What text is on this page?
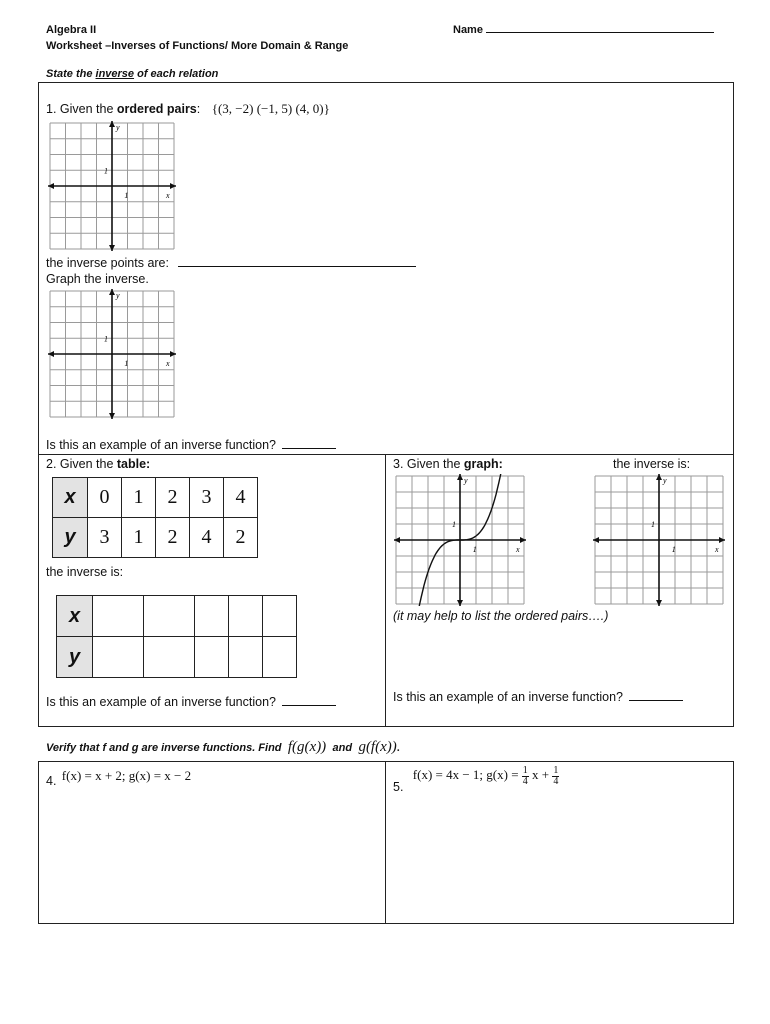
Algebra II	Name
Worksheet –Inverses of Functions/ More Domain & Range
State the inverse of each relation
1. Given the ordered pairs: {(3, −2) (−1, 5) (4, 0)}
1
1
x
y
the inverse points are:
Graph the inverse.
1
1
x
y
Is this an example of an inverse function?
2. Given the table:
x	0	1	2	3	4
y	3	1	2	4	2
the inverse is:
x					
y					
Is this an example of an inverse function?
3. Given the graph:	the inverse is:
1
1
x
y
1
1
x
y
(it may help to list the ordered pairs….)
Is this an example of an inverse function?
Verify that f and g are inverse functions. Find f(g(x)) and g(f(x)).
4. f(x) = x + 2; g(x) = x − 2
5. f(x) = 4x − 1; $g(x) = \frac{1}{4}$ $x + \frac{1}{4}$
